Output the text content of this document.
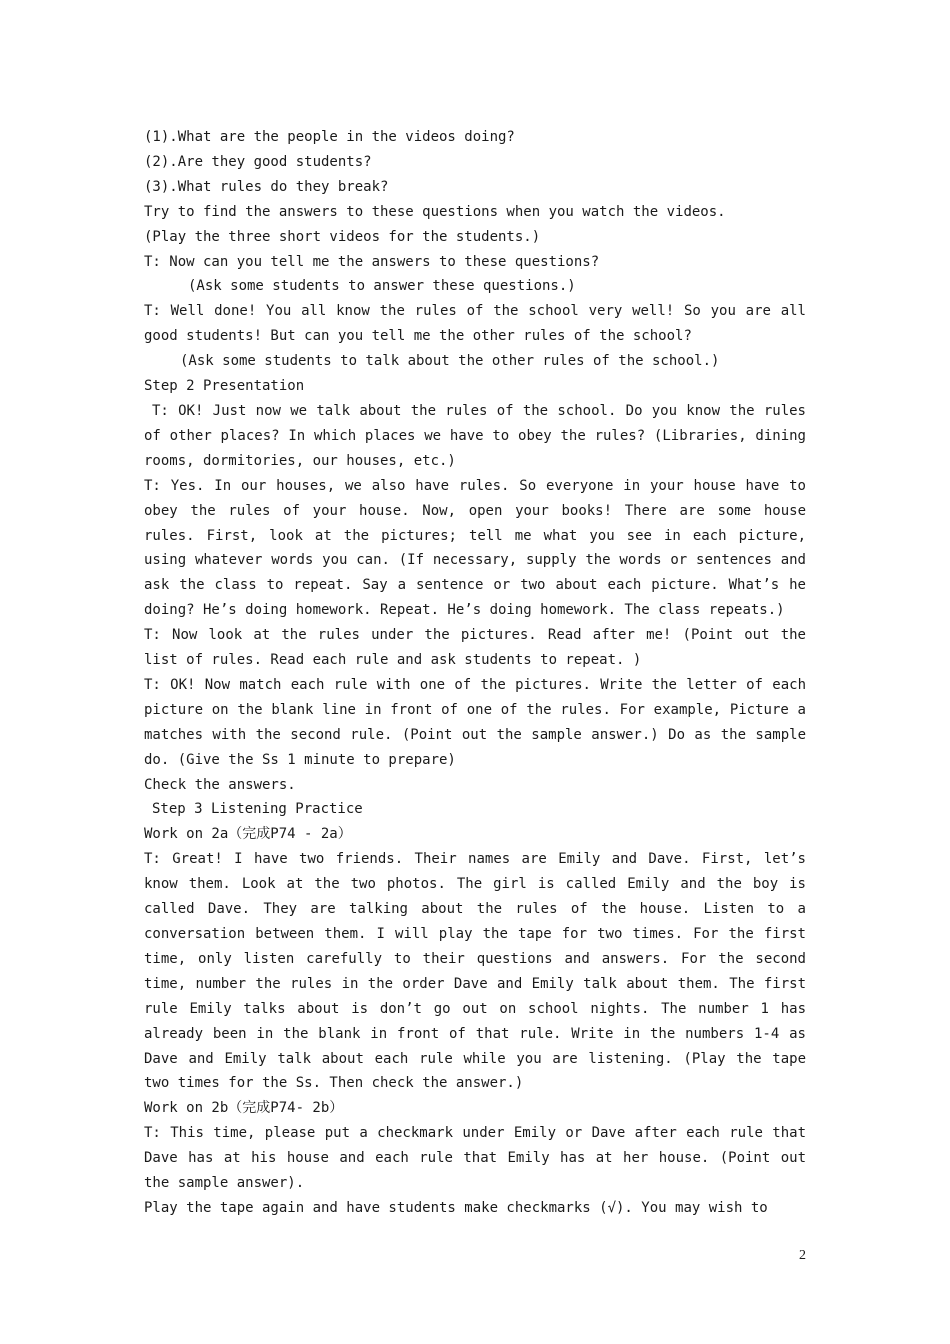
(1).What are the people in the videos doing?
(2).Are they good students?
(3).What rules do they break?
Try to find the answers to these questions when you watch the videos.
(Play the three short videos for the students.)
T: Now can you tell me the answers to these questions?
(Ask some students to answer these questions.)
T: Well done! You all know the rules of the school very well! So you are all good students! But can you tell me the other rules of the school?
(Ask some students to talk about the other rules of the school.)
Step 2 Presentation
T: OK! Just now we talk about the rules of the school. Do you know the rules of other places? In which places we have to obey the rules? (Libraries, dining rooms, dormitories, our houses, etc.)
T: Yes. In our houses, we also have rules. So everyone in your house have to obey the rules of your house. Now, open your books! There are some house rules. First, look at the pictures; tell me what you see in each picture, using whatever words you can. (If necessary, supply the words or sentences and ask the class to repeat. Say a sentence or two about each picture. What’s he doing? He’s doing homework. Repeat. He’s doing homework. The class repeats.)
T: Now look at the rules under the pictures. Read after me! (Point out the list of rules. Read each rule and ask students to repeat. )
T: OK! Now match each rule with one of the pictures. Write the letter of each picture on the blank line in front of one of the rules. For example, Picture a matches with the second rule. (Point out the sample answer.) Do as the sample do. (Give the Ss 1 minute to prepare)
Check the answers.
Step 3 Listening Practice
Work on 2a（完成P74 - 2a）
T: Great! I have two friends. Their names are Emily and Dave. First, let’s know them. Look at the two photos. The girl is called Emily and the boy is called Dave. They are talking about the rules of the house. Listen to a conversation between them. I will play the tape for two times. For the first time, only listen carefully to their questions and answers. For the second time, number the rules in the order Dave and Emily talk about them. The first rule Emily talks about is don’t go out on school nights. The number 1 has already been in the blank in front of that rule. Write in the numbers 1-4 as Dave and Emily talk about each rule while you are listening. (Play the tape two times for the Ss. Then check the answer.)
Work on 2b（完成P74- 2b）
T: This time, please put a checkmark under Emily or Dave after each rule that Dave has at his house and each rule that Emily has at her house. (Point out the sample answer).
Play the tape again and have students make checkmarks (√). You may wish to
2
